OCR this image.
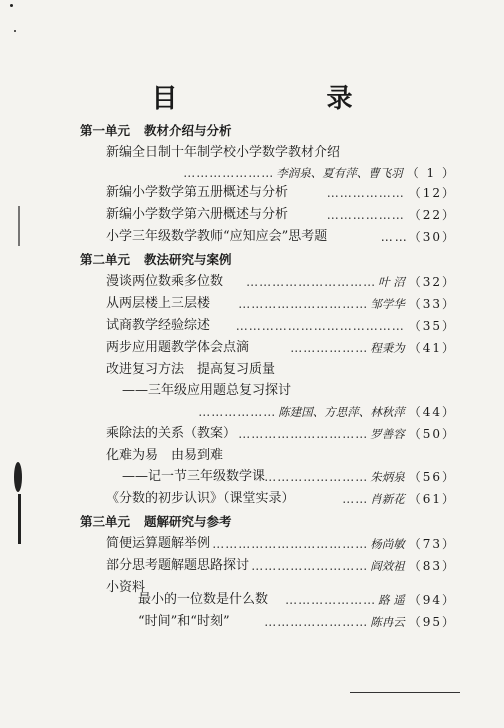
目 录
第一单元 教材介绍与分析
新编全日制十年制学校小学数学教材介绍
………………… 李润泉、夏有萍、曹飞羽 （ 1 ）
新编小学数学第五册概述与分析	……………… （12）
新编小学数学第六册概述与分析	……………… （22）
小学三年级数学教师“应知应会”思考题	……（30）
第二单元 教法研究与案例
漫谈两位数乘多位数 ………………………… 叶 沼 （32）
从两层楼上三层楼 ………………………… 邹学华 （33）
试商教学经验综述 ………………………………… （35）
两步应用题教学体会点滴	……………… 程秉为 （41）
改进复习方法　提高复习质量
——三年级应用题总复习探讨
……………… 陈建国、方思萍、林秋萍 （44）
乘除法的关系（教案） ………………………… 罗善容 （50）
化难为易　由易到难
——记一节三年级数学课 …………………… 朱炳泉 （56）
《分数的初步认识》（课堂实录）	…… 肖新花 （61）
第三单元 题解研究与参考
简便运算题解举例 ……………………………… 杨尚敏 （73）
部分思考题解题思路探讨 ……………………… 阎效祖 （83）
小资料
最小的一位数是什么数 ………………… 路 遥 （94）
“时间”和“时刻”	…………………… 陈冉云 （95）
